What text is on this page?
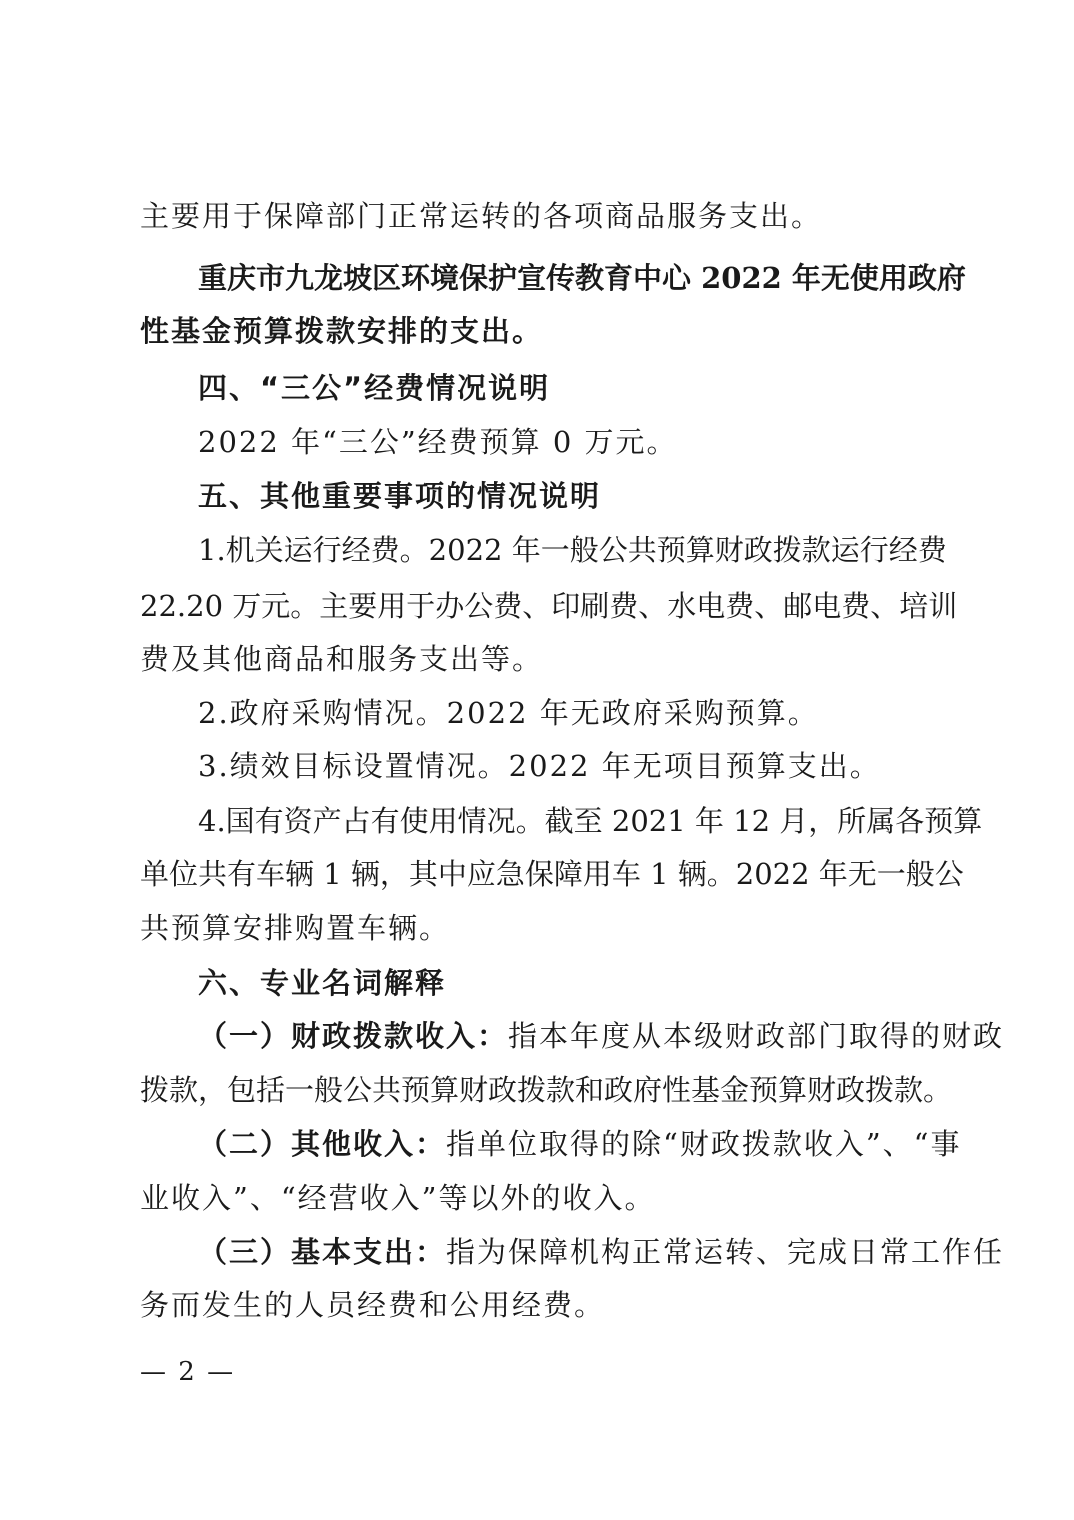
主要用于保障部门正常运转的各项商品服务支出。
重庆市九龙坡区环境保护宣传教育中心 2022 年无使用政府
性基金预算拨款安排的支出。
四、“三公”经费情况说明
2022 年“三公”经费预算 0 万元。
五、其他重要事项的情况说明
1.机关运行经费。2022 年一般公共预算财政拨款运行经费
22.20 万元。主要用于办公费、印刷费、水电费、邮电费、培训
费及其他商品和服务支出等。
2.政府采购情况。2022 年无政府采购预算。
3.绩效目标设置情况。2022 年无项目预算支出。
4.国有资产占有使用情况。截至 2021 年 12 月，所属各预算
单位共有车辆 1 辆，其中应急保障用车 1 辆。2022 年无一般公
共预算安排购置车辆。
六、专业名词解释
（一）财政拨款收入：指本年度从本级财政部门取得的财政
拨款，包括一般公共预算财政拨款和政府性基金预算财政拨款。
（二）其他收入：指单位取得的除“财政拨款收入”、“事
业收入”、“经营收入”等以外的收入。
（三）基本支出：指为保障机构正常运转、完成日常工作任
务而发生的人员经费和公用经费。
— 2 —
